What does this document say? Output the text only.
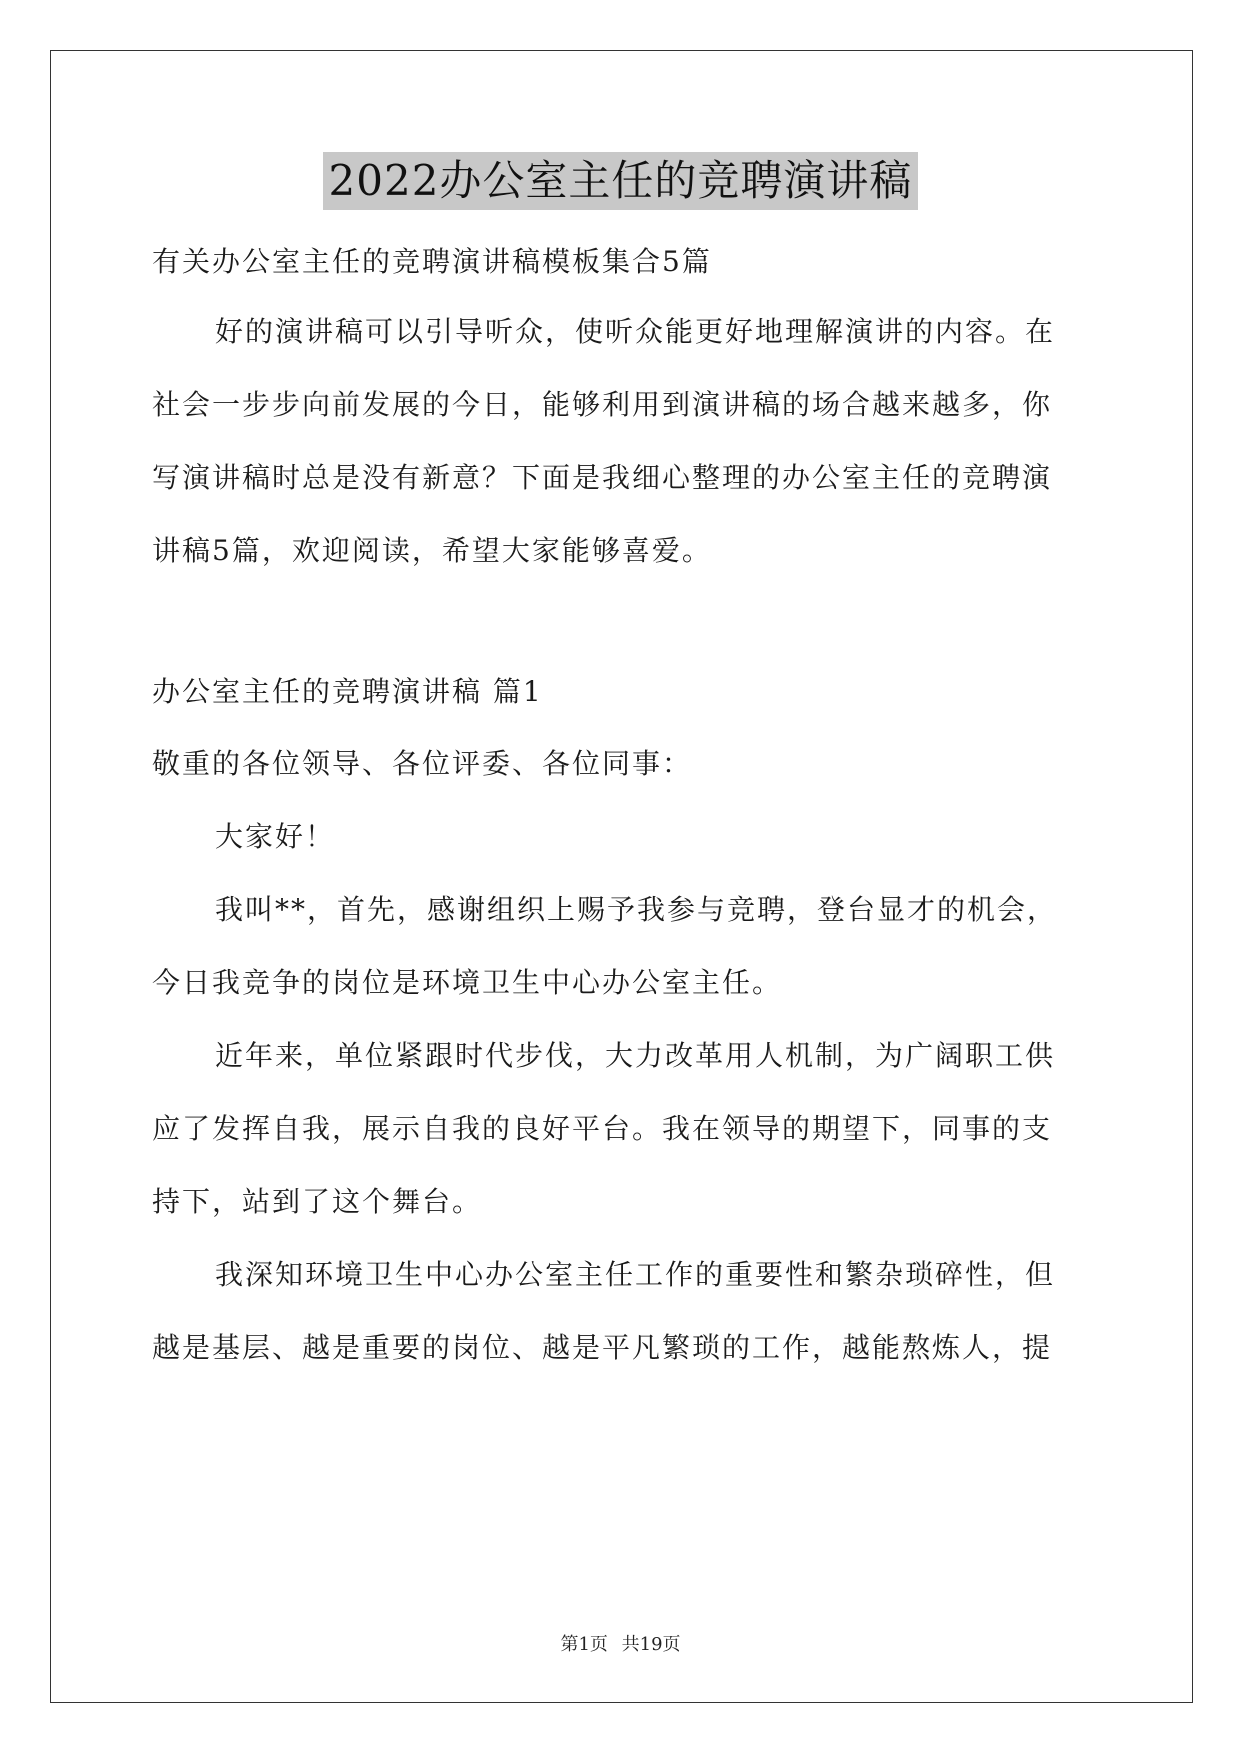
2022办公室主任的竞聘演讲稿
有关办公室主任的竞聘演讲稿模板集合5篇
好的演讲稿可以引导听众，使听众能更好地理解演讲的内容。在
社会一步步向前发展的今日，能够利用到演讲稿的场合越来越多，你
写演讲稿时总是没有新意？下面是我细心整理的办公室主任的竞聘演
讲稿5篇，欢迎阅读，希望大家能够喜爱。
办公室主任的竞聘演讲稿 篇1
敬重的各位领导、各位评委、各位同事：
大家好！
我叫**，首先，感谢组织上赐予我参与竞聘，登台显才的机会，
今日我竞争的岗位是环境卫生中心办公室主任。
近年来，单位紧跟时代步伐，大力改革用人机制，为广阔职工供
应了发挥自我，展示自我的良好平台。我在领导的期望下，同事的支
持下，站到了这个舞台。
我深知环境卫生中心办公室主任工作的重要性和繁杂琐碎性，但
越是基层、越是重要的岗位、越是平凡繁琐的工作，越能熬炼人，提
第1页 共19页
